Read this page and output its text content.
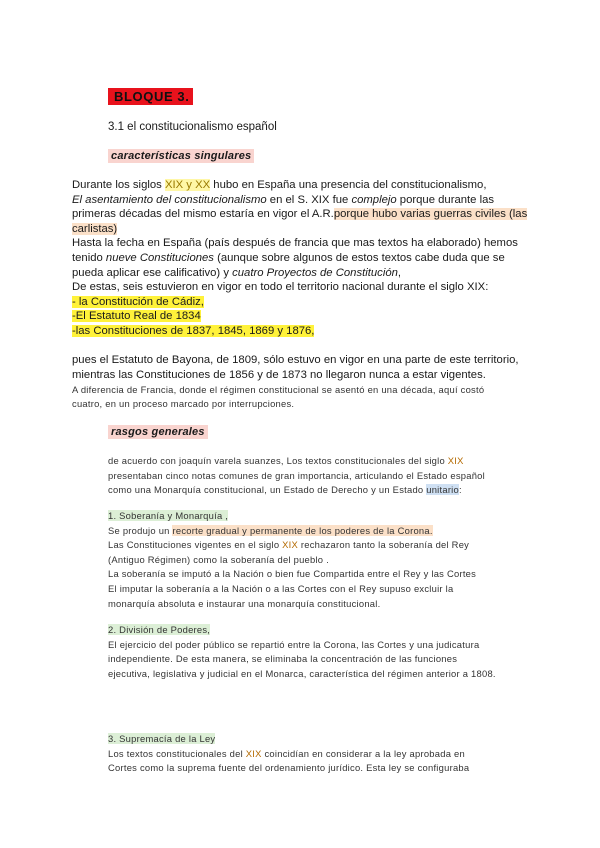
BLOQUE 3.
3.1 el constitucionalismo español
características singulares
Durante los siglos XIX y XX hubo en España una presencia del constitucionalismo,
El asentamiento del constitucionalismo en el S. XIX fue complejo porque durante las
primeras décadas del mismo estaría en vigor el A.R.porque hubo varias guerras civiles (las
carlistas)
Hasta la fecha en España (país después de francia que mas textos ha elaborado) hemos
tenido nueve Constituciones (aunque sobre algunos de estos textos cabe duda que se
pueda aplicar ese calificativo) y cuatro Proyectos de Constitución,
De estas, seis estuvieron en vigor en todo el territorio nacional durante el siglo XIX:
- la Constitución de Cádiz,
-El Estatuto Real de 1834
-las Constituciones de 1837, 1845, 1869 y 1876,
pues el Estatuto de Bayona, de 1809, sólo estuvo en vigor en una parte de este territorio,
mientras las Constituciones de 1856 y de 1873 no llegaron nunca a estar vigentes.
A diferencia de Francia, donde el régimen constitucional se asentó en una década, aquí costó
cuatro, en un proceso marcado por interrupciones.
rasgos generales
de acuerdo con joaquín varela suanzes, Los textos constitucionales del siglo XIX
presentaban cinco notas comunes de gran importancia, articulando el Estado español
como una Monarquía constitucional, un Estado de Derecho y un Estado unitario:
1. Soberanía y Monarquía ,
Se produjo un recorte gradual y permanente de los poderes de la Corona.
Las Constituciones vigentes en el siglo XIX rechazaron tanto la soberanía del Rey
(Antiguo Régimen) como la soberanía del pueblo .
La soberanía se imputó a la Nación o bien fue Compartida entre el Rey y las Cortes
El imputar la soberanía a la Nación o a las Cortes con el Rey supuso excluir la
monarquía absoluta e instaurar una monarquía constitucional.
2. División de Poderes,
El ejercicio del poder público se repartió entre la Corona, las Cortes y una judicatura
independiente. De esta manera, se eliminaba la concentración de las funciones
ejecutiva, legislativa y judicial en el Monarca, característica del régimen anterior a 1808.
3. Supremacía de la Ley
Los textos constitucionales del XIX coincidían en considerar a la ley aprobada en
Cortes como la suprema fuente del ordenamiento jurídico. Esta ley se configuraba
